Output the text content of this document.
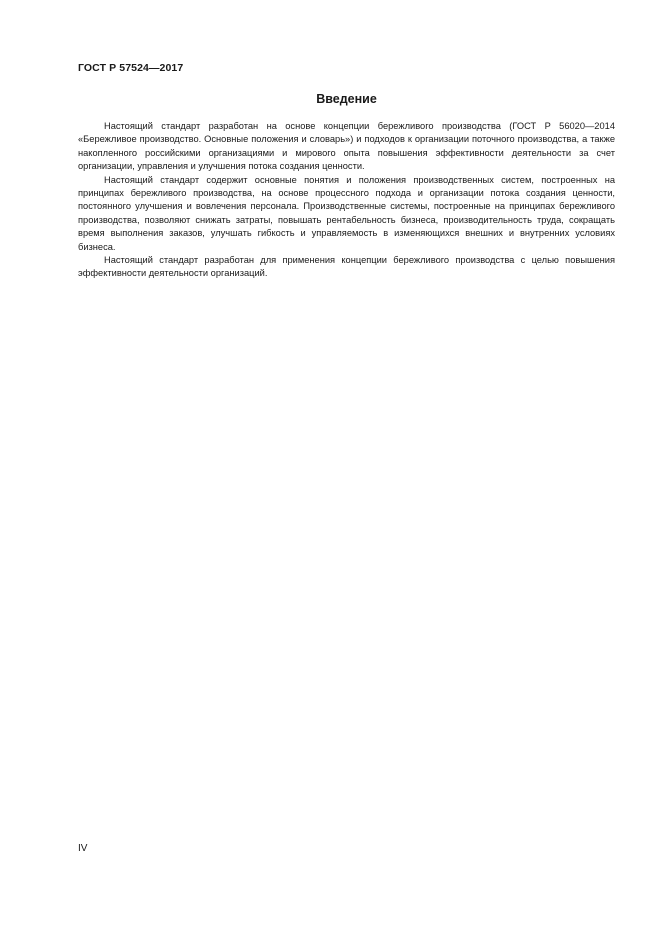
ГОСТ Р 57524—2017
Введение

Настоящий стандарт разработан на основе концепции бережливого производства (ГОСТ Р 56020—2014 «Бережливое производство. Основные положения и словарь») и подходов к организации поточного производства, а также накопленного российскими организациями и мирового опыта повышения эффективности деятельности за счет организации, управления и улучшения потока создания ценности.

Настоящий стандарт содержит основные понятия и положения производственных систем, построенных на принципах бережливого производства, на основе процессного подхода и организации потока создания ценности, постоянного улучшения и вовлечения персонала. Производственные системы, построенные на принципах бережливого производства, позволяют снижать затраты, повышать рентабельность бизнеса, производительность труда, сокращать время выполнения заказов, улучшать гибкость и управляемость в изменяющихся внешних и внутренних условиях бизнеса.

Настоящий стандарт разработан для применения концепции бережливого производства с целью повышения эффективности деятельности организаций.

IV
